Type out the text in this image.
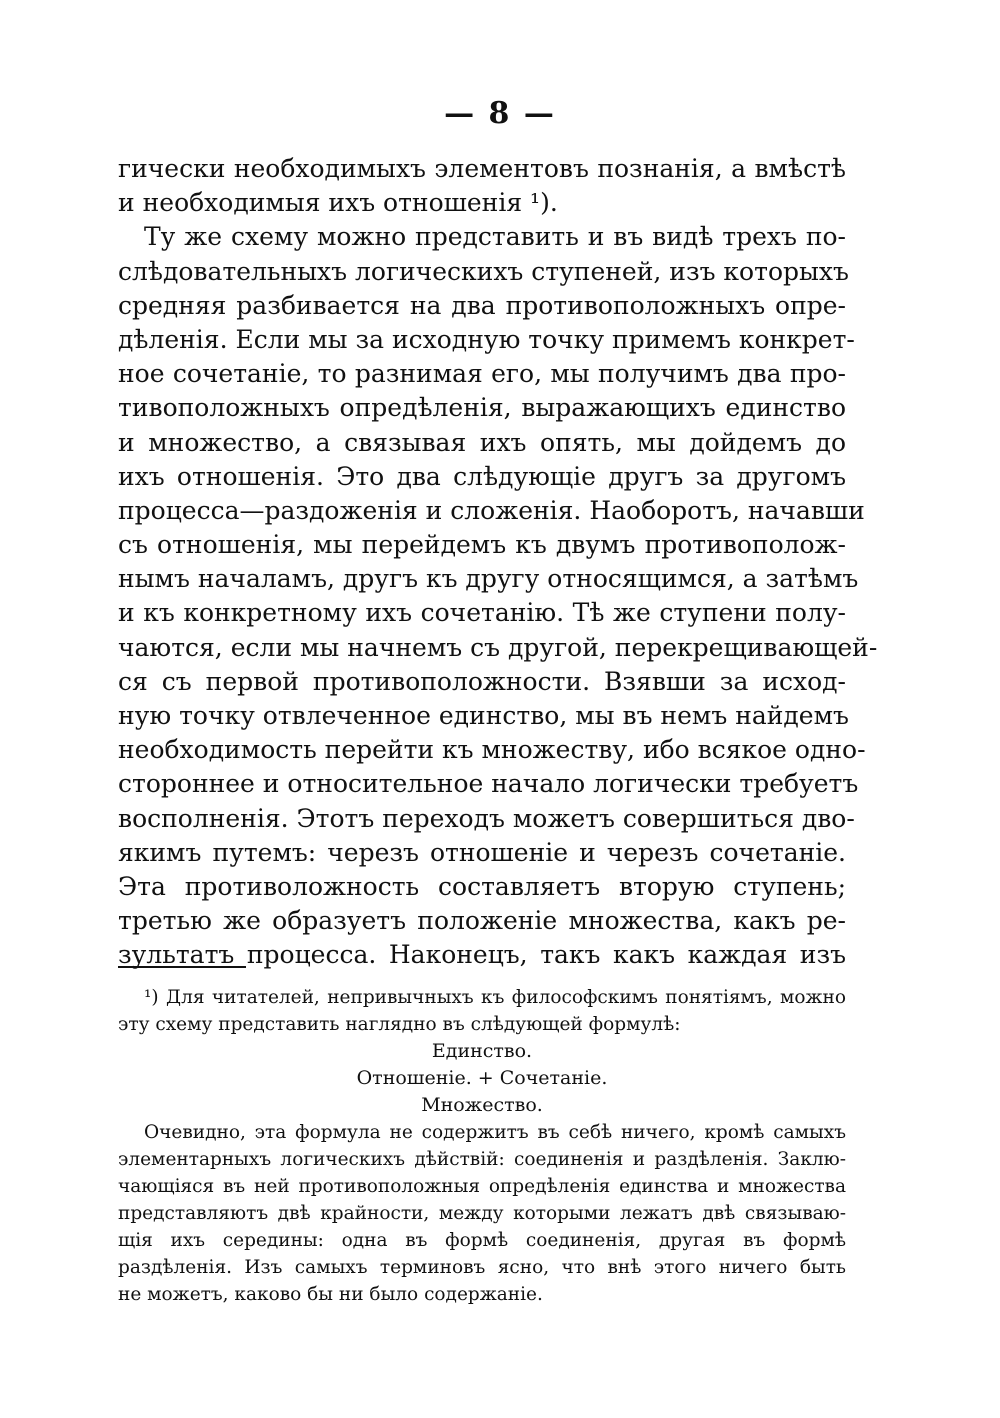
— 8 —
гически необходимыхъ элементовъ познанія, а вмѣстѣ
и необходимыя ихъ отношенія ¹).
Ту же схему можно представить и въ видѣ трехъ по-
слѣдовательныхъ логическихъ ступеней, изъ которыхъ
средняя разбивается на два противоположныхъ опре-
дѣленія. Если мы за исходную точку примемъ конкрет-
ное сочетаніе, то разнимая его, мы получимъ два про-
тивоположныхъ опредѣленія, выражающихъ единство
и множество, а связывая ихъ опять, мы дойдемъ до
ихъ отношенія. Это два слѣдующіе другъ за другомъ
процесса—раздоженія и сложенія. Наоборотъ, начавши
съ отношенія, мы перейдемъ къ двумъ противополож-
нымъ началамъ, другъ къ другу относящимся, а затѣмъ
и къ конкретному ихъ сочетанію. Тѣ же ступени полу-
чаются, если мы начнемъ съ другой, перекрещивающей-
ся съ первой противоположности. Взявши за исход-
ную точку отвлеченное единство, мы въ немъ найдемъ
необходимость перейти къ множеству, ибо всякое одно-
стороннее и относительное начало логически требуетъ
восполненія. Этотъ переходъ можетъ совершиться дво-
якимъ путемъ: черезъ отношеніе и черезъ сочетаніе.
Эта противоложность составляетъ вторую ступень;
третью же образуетъ положеніе множества, какъ ре-
зультатъ процесса. Наконецъ, такъ какъ каждая изъ
¹) Для читателей, непривычныхъ къ философскимъ понятіямъ, можно
эту схему представить наглядно въ слѣдующей формулѣ:
Единство.
Отношеніе. + Сочетаніе.
Множество.
Очевидно, эта формула не содержитъ въ себѣ ничего, кромѣ самыхъ
элементарныхъ логическихъ дѣйствій: соединенія и раздѣленія. Заклю-
чающіяся въ ней противоположныя опредѣленія единства и множества
представляютъ двѣ крайности, между которыми лежатъ двѣ связываю-
щія ихъ середины: одна въ формѣ соединенія, другая въ формѣ
раздѣленія. Изъ самыхъ терминовъ ясно, что внѣ этого ничего быть
не можетъ, каково бы ни было содержаніе.
